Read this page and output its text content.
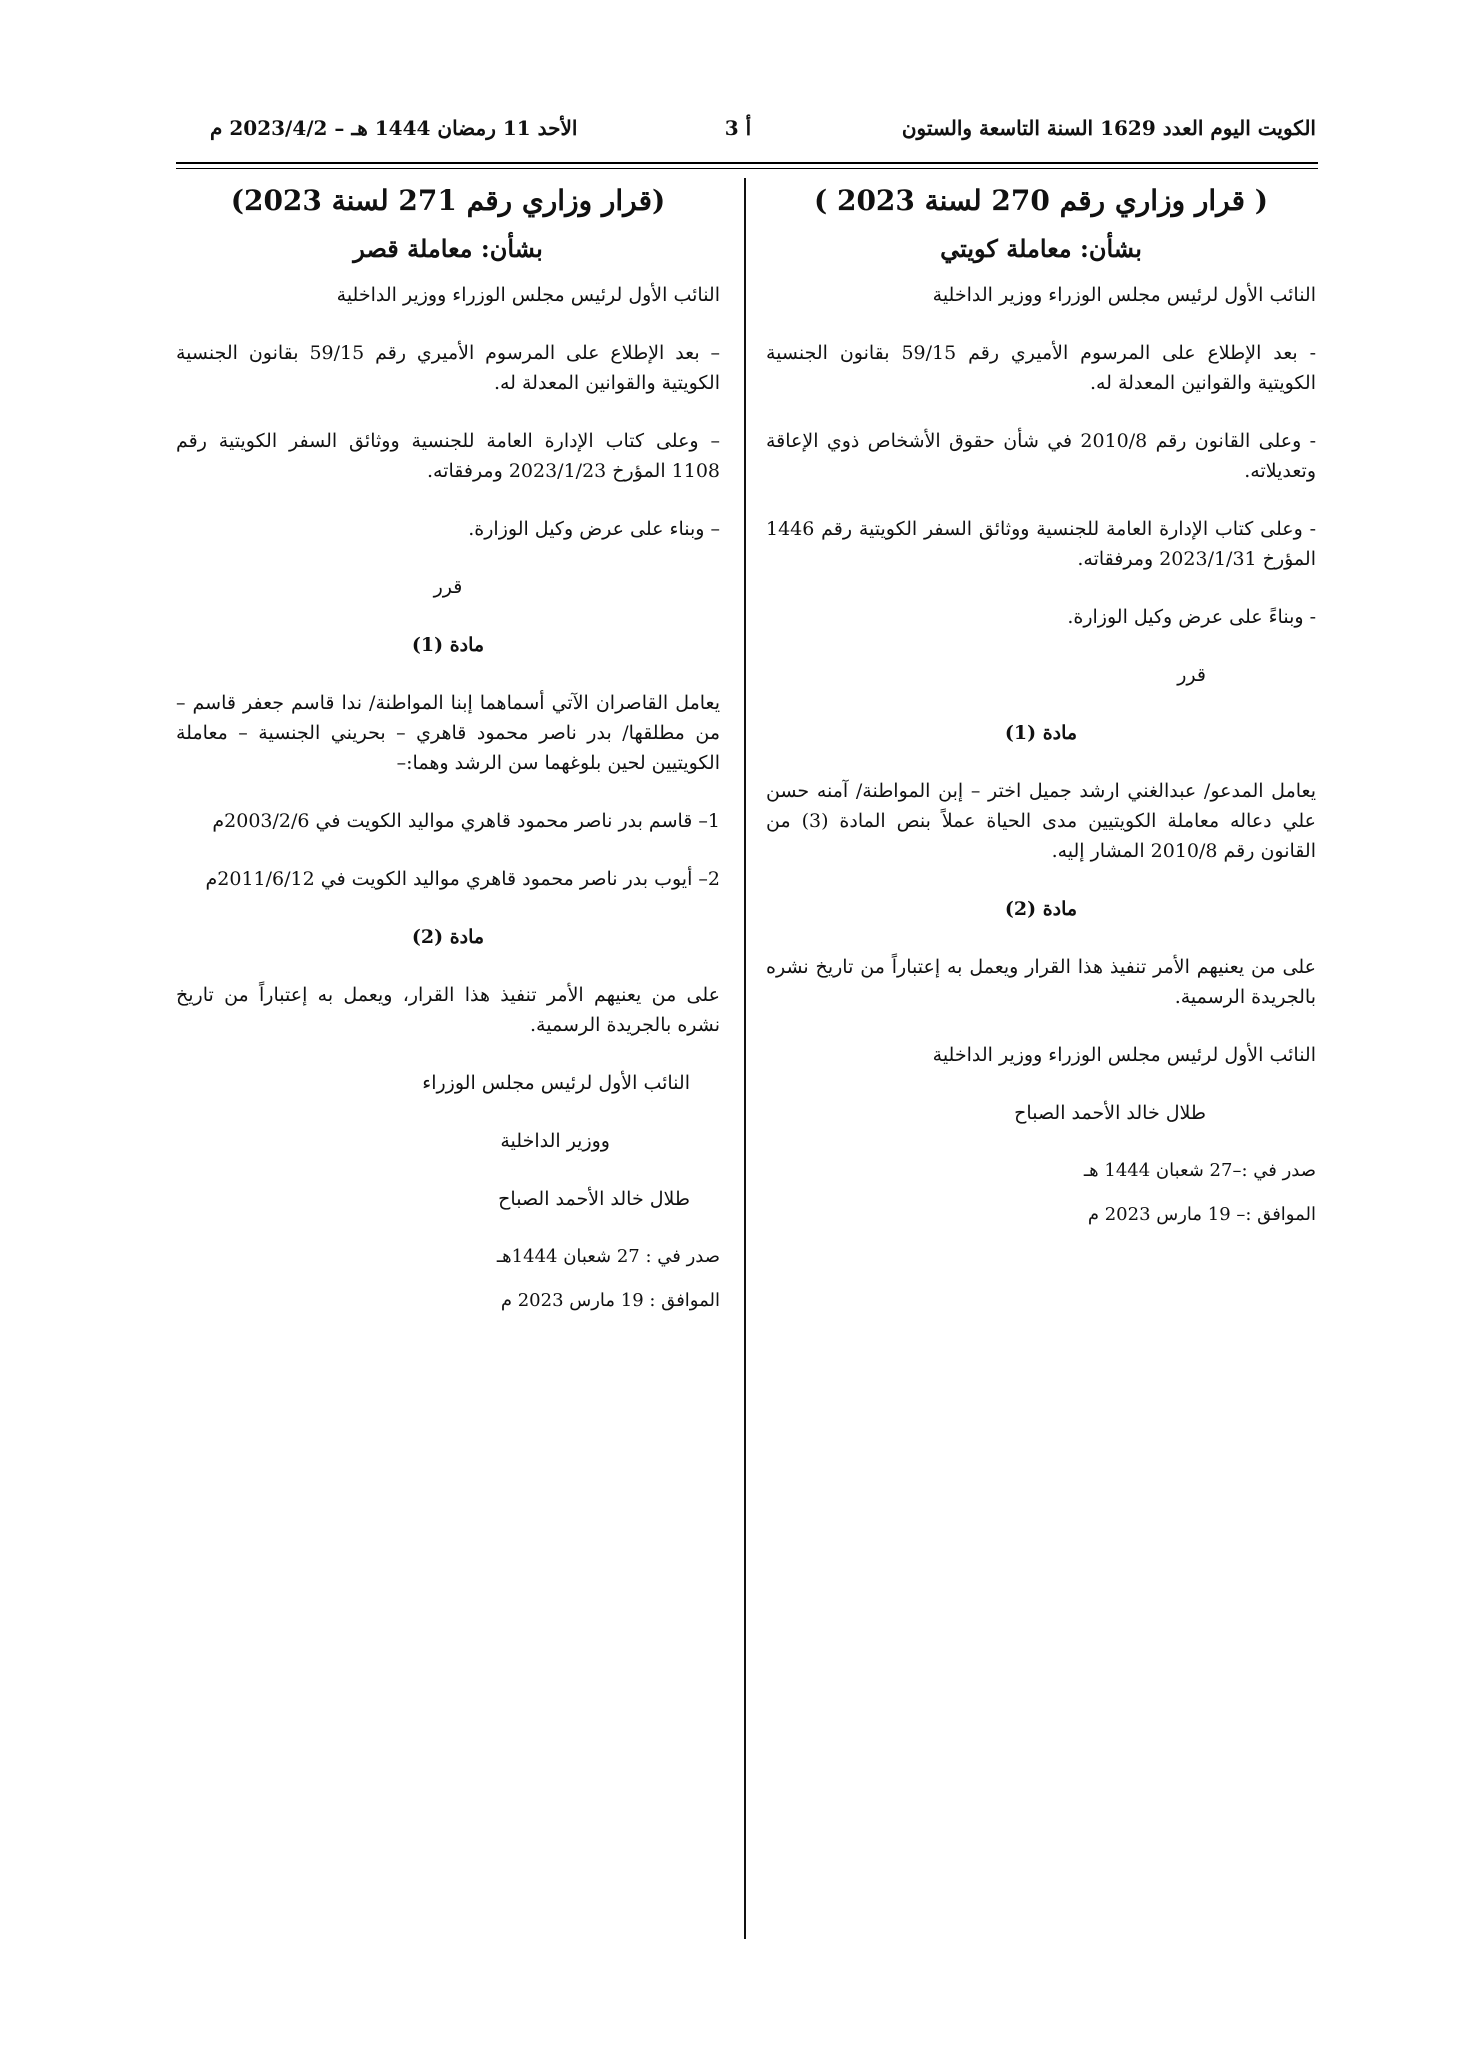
الكويت اليوم العدد 1629 السنة التاسعة والستون
أ 3
الأحد 11 رمضان 1444 هـ – 2023/4/2 م
( قرار وزاري رقم 270 لسنة 2023 )
بشأن: معاملة كويتي

النائب الأول لرئيس مجلس الوزراء ووزير الداخلية

- بعد الإطلاع على المرسوم الأميري رقم 59/15 بقانون الجنسية الكويتية والقوانين المعدلة له.

- وعلى القانون رقم 2010/8 في شأن حقوق الأشخاص ذوي الإعاقة وتعديلاته.

- وعلى كتاب الإدارة العامة للجنسية ووثائق السفر الكويتية رقم 1446 المؤرخ 2023/1/31 ومرفقاته.

- وبناءً على عرض وكيل الوزارة.

قرر

مادة (1)

يعامل المدعو/ عبدالغني ارشد جميل اختر – إبن المواطنة/ آمنه حسن علي دعاله معاملة الكويتيين مدى الحياة عملاً بنص المادة (3) من القانون رقم 2010/8 المشار إليه.

مادة (2)

على من يعنيهم الأمر تنفيذ هذا القرار ويعمل به إعتباراً من تاريخ نشره بالجريدة الرسمية.

النائب الأول لرئيس مجلس الوزراء ووزير الداخلية

طلال خالد الأحمد الصباح

صدر في :–27 شعبان 1444 هـ
الموافق :– 19 مارس 2023 م
(قرار وزاري رقم 271 لسنة 2023)
بشأن: معاملة قصر

النائب الأول لرئيس مجلس الوزراء ووزير الداخلية

– بعد الإطلاع على المرسوم الأميري رقم 59/15 بقانون الجنسية الكويتية والقوانين المعدلة له.

– وعلى كتاب الإدارة العامة للجنسية ووثائق السفر الكويتية رقم 1108 المؤرخ 2023/1/23 ومرفقاته.

– وبناء على عرض وكيل الوزارة.

قرر

مادة (1)

يعامل القاصران الآتي أسماهما إبنا المواطنة/ ندا قاسم جعفر قاسم – من مطلقها/ بدر ناصر محمود قاهري – بحريني الجنسية – معاملة الكويتيين لحين بلوغهما سن الرشد وهما:–

1– قاسم بدر ناصر محمود قاهري مواليد الكويت في 2003/2/6م

2– أيوب بدر ناصر محمود قاهري مواليد الكويت في 2011/6/12م

مادة (2)

على من يعنيهم الأمر تنفيذ هذا القرار، ويعمل به إعتباراً من تاريخ نشره بالجريدة الرسمية.

النائب الأول لرئيس مجلس الوزراء

ووزير الداخلية

طلال خالد الأحمد الصباح

صدر في : 27 شعبان 1444هـ
الموافق : 19 مارس 2023 م
